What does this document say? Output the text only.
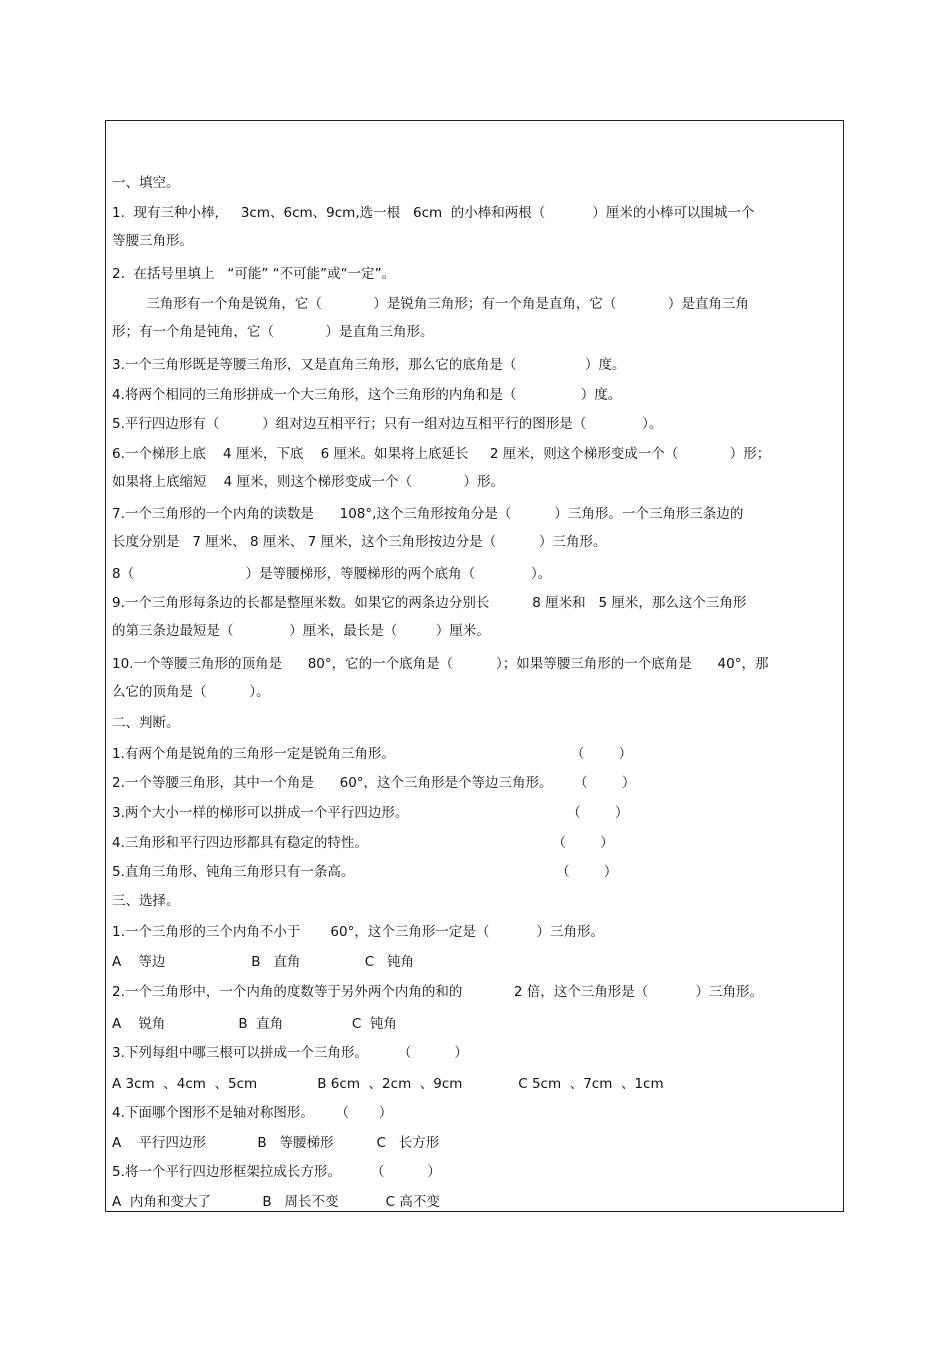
一、填空。
1.  现有三种小棒，   3cm、6cm、9cm,选一根   6cm  的小棒和两根（           ）厘米的小棒可以围城一个
等腰三角形。
2.  在括号里填上   “可能” “不可能”或“一定”。
三角形有一个角是锐角，它（            ）是锐角三角形；有一个角是直角，它（            ）是直角三角
形；有一个角是钝角，它（            ）是直角三角形。
3.一个三角形既是等腰三角形，又是直角三角形，那么它的底角是（                ）度。
4.将两个相同的三角形拼成一个大三角形，这个三角形的内角和是（               ）度。
5.平行四边形有（          ）组对边互相平行；只有一组对边互相平行的图形是（             ）。
6.一个梯形上底    4 厘米，下底    6 厘米。如果将上底延长     2 厘米，则这个梯形变成一个（            ）形；
如果将上底缩短    4 厘米，则这个梯形变成一个（            ）形。
7.一个三角形的一个内角的读数是      108°,这个三角形按角分是（          ）三角形。一个三角形三条边的
长度分别是   7 厘米、 8 厘米、 7 厘米，这个三角形按边分是（          ）三角形。
8（                          ）是等腰梯形，等腰梯形的两个底角（             ）。
9.一个三角形每条边的长都是整厘米数。如果它的两条边分别长          8 厘米和   5 厘米，那么这个三角形
的第三条边最短是（             ）厘米，最长是（         ）厘米。
10.一个等腰三角形的顶角是      80°，它的一个底角是（          ）；如果等腰三角形的一个底角是      40°，那
么它的顶角是（          ）。
二、判断。
1.有两个角是锐角的三角形一定是锐角三角形。                                         （        ）
2.一个等腰三角形，其中一个角是      60°，这个三角形是个等边三角形。     （        ）
3.两个大小一样的梯形可以拼成一个平行四边形。                                     （        ）
4.三角形和平行四边形都具有稳定的特性。                                           （        ）
5.直角三角形、钝角三角形只有一条高。                                               （        ）
三、选择。
1.一个三角形的三个内角不小于       60°，这个三角形一定是（           ）三角形。
A    等边                    B   直角               C   钝角
2.一个三角形中，一个内角的度数等于另外两个内角的和的            2 倍，这个三角形是（           ）三角形。
A    锐角                 B  直角                C  钝角
3.下列每组中哪三根可以拼成一个三角形。       （          ）
A 3cm  、4cm  、5cm              B 6cm  、2cm  、9cm             C 5cm  、7cm  、1cm
4.下面哪个图形不是轴对称图形。     （       ）
A    平行四边形            B   等腰梯形          C   长方形
5.将一个平行四边形框架拉成长方形。       （          ）
A  内角和变大了            B   周长不变           C 高不变
